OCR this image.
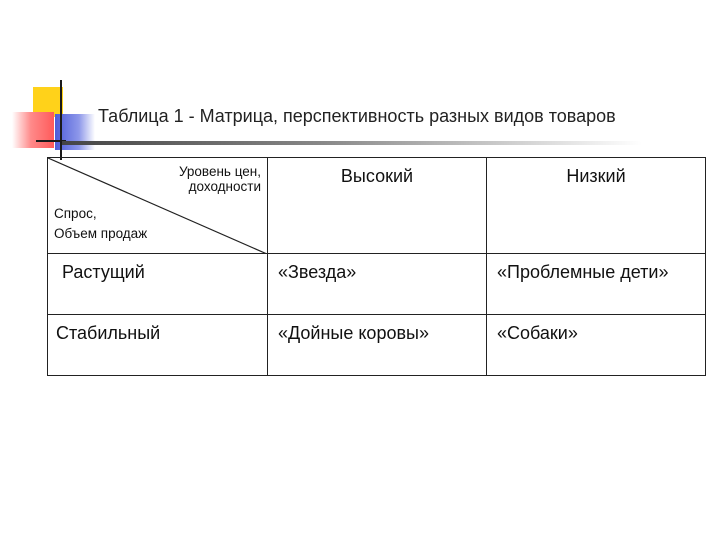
Таблица 1 - Матрица, перспективность разных видов товаров
Уровень цен,
доходности
Спрос,
Объем продаж	Высокий	Низкий

Растущий	«Звезда»	«Проблемные дети»

Стабильный	«Дойные коровы»	«Собаки»
